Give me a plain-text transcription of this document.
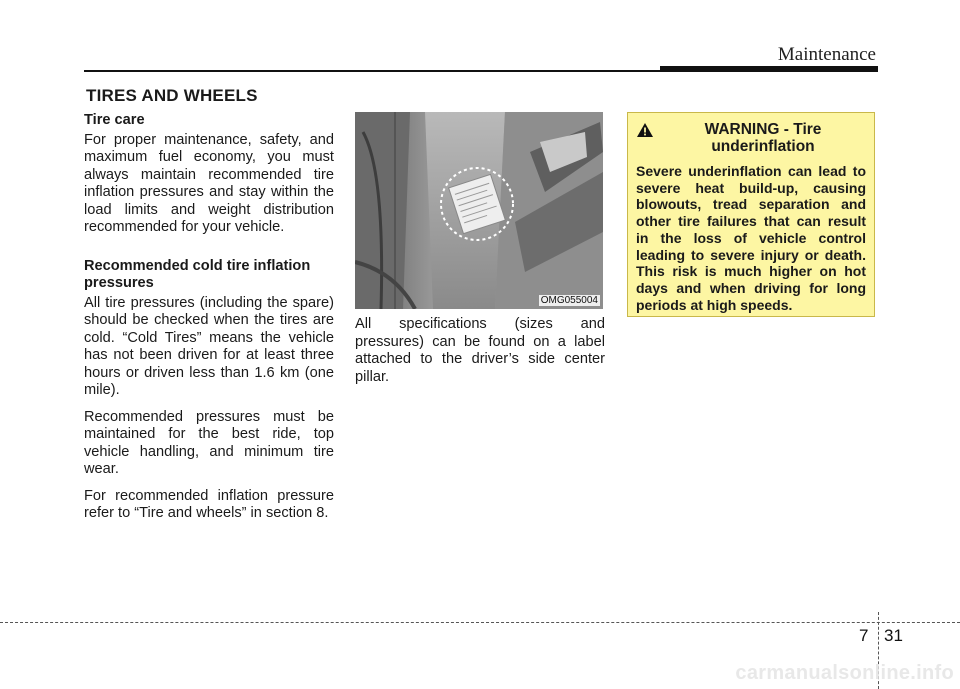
Maintenance
TIRES AND WHEELS
Tire care

For proper maintenance, safety, and maximum fuel economy, you must always maintain recommended tire inflation pressures and stay within the load limits and weight distribution recommended for your vehicle.

Recommended cold tire inflation pressures

All tire pressures (including the spare) should be checked when the tires are cold. “Cold Tires” means the vehicle has not been driven for at least three hours or driven less than 1.6 km (one mile).

Recommended pressures must be maintained for the best ride, top vehicle handling, and minimum tire wear.

For recommended inflation pressure refer to “Tire and wheels” in section 8.

OMG055004

All specifications (sizes and pressures) can be found on a label attached to the driver’s side center pillar.

WARNING - Tire underinflation
Severe underinflation can lead to severe heat build-up, causing blowouts, tread separation and other tire failures that can result in the loss of vehicle control leading to severe injury or death. This risk is much higher on hot days and when driving for long periods at high speeds.
7 31
carmanualsonline.info
